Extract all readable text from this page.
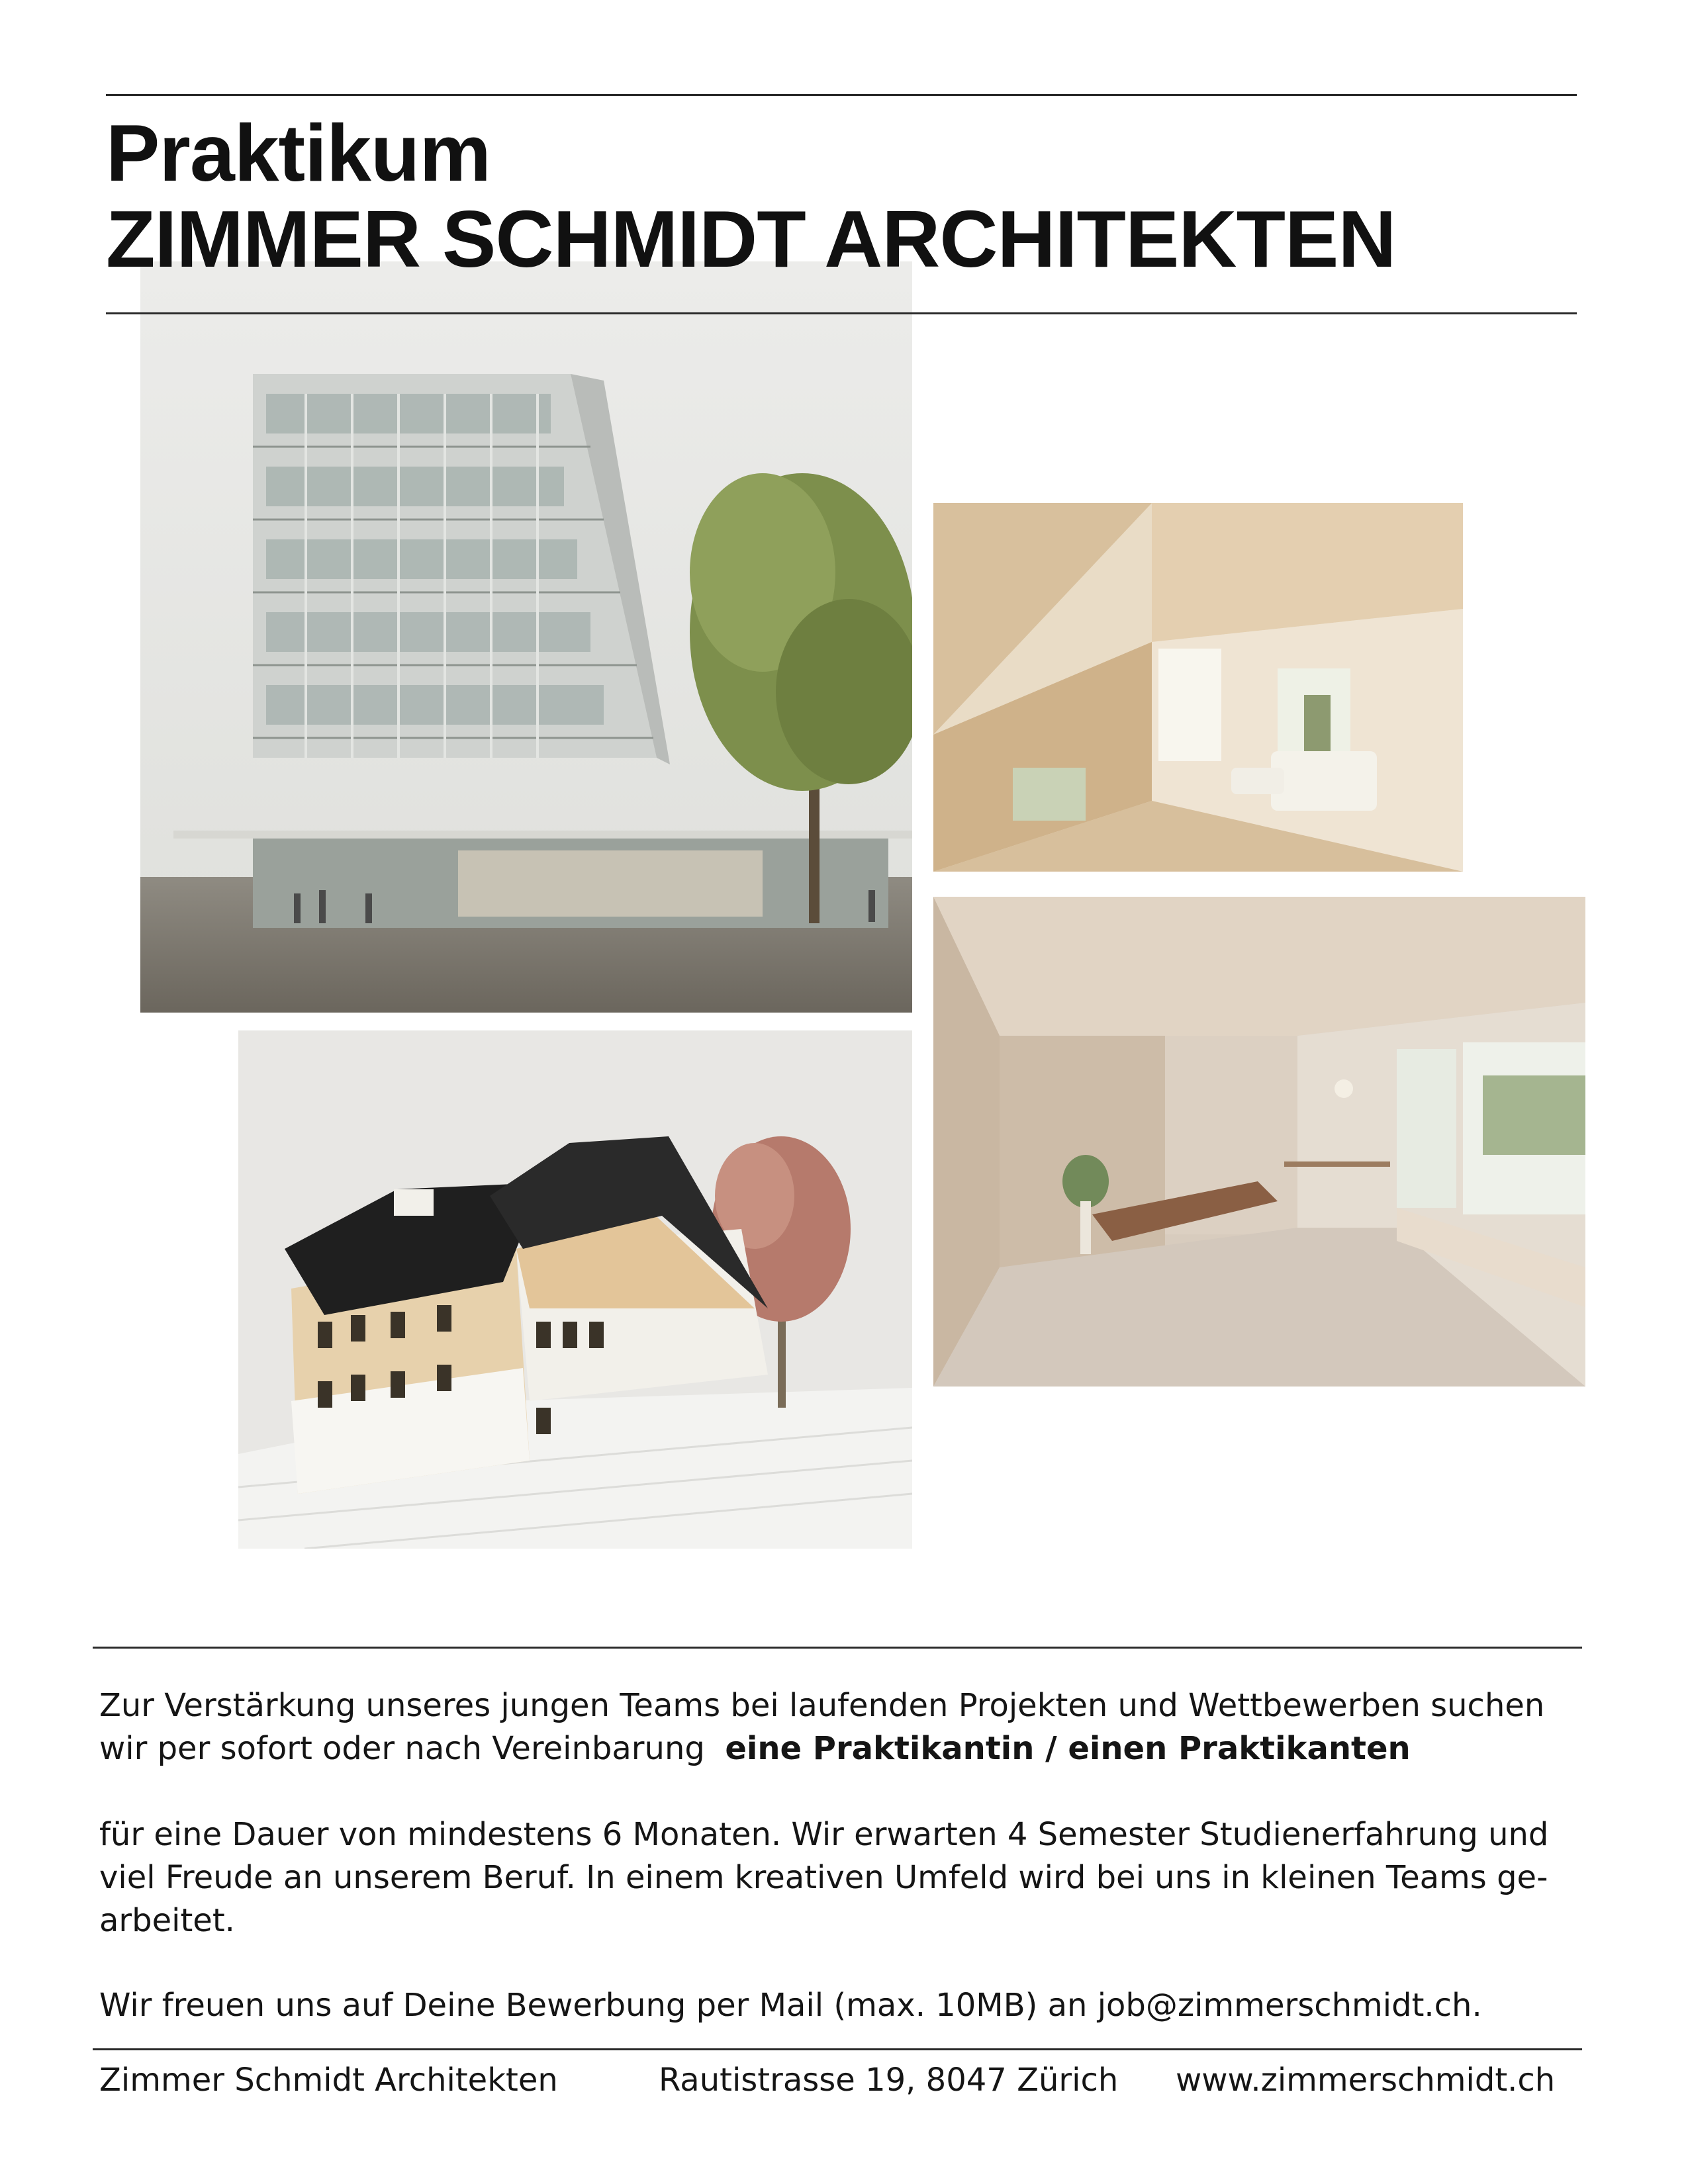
Praktikum
ZIMMER SCHMIDT ARCHITEKTEN

Zur Verstärkung unseres jungen Teams bei laufenden Projekten und Wettbewerben suchen wir per sofort oder nach Vereinbarung eine Praktikantin / einen Praktikanten

für eine Dauer von mindestens 6 Monaten. Wir erwarten 4 Semester Studienerfahrung und viel Freude an unserem Beruf. In einem kreativen Umfeld wird bei uns in kleinen Teams ge-arbeitet.

Wir freuen uns auf Deine Bewerbung per Mail (max. 10MB) an job@zimmerschmidt.ch.

Zimmer Schmidt Architekten	Rautistrasse 19, 8047 Zürich www.zimmerschmidt.ch
